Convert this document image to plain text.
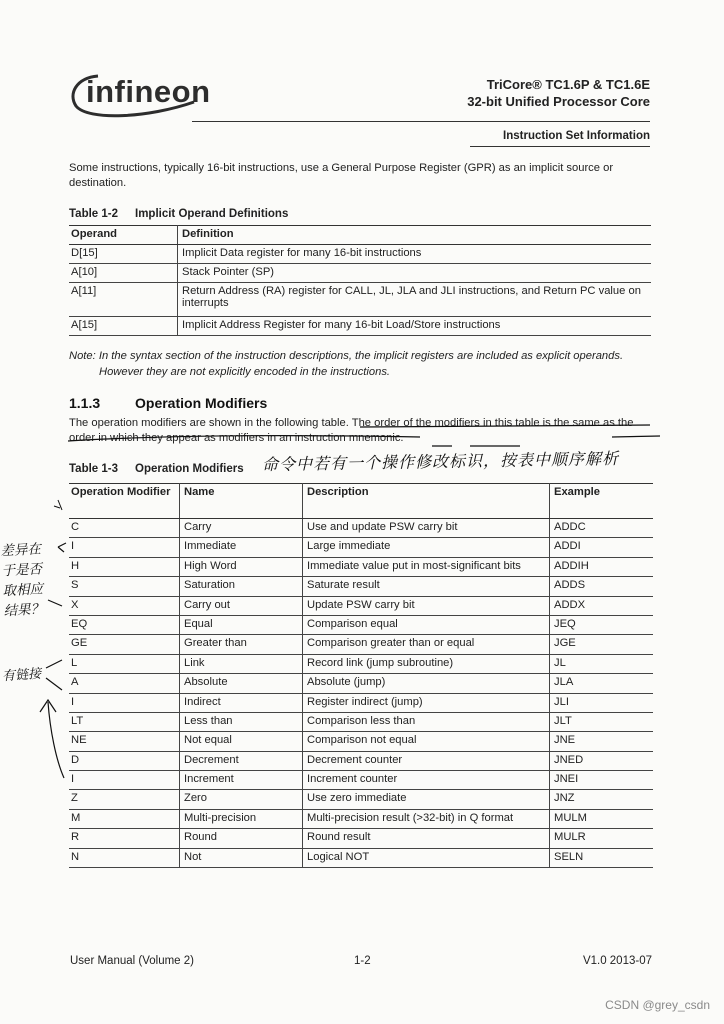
infineon	TriCore® TC1.6P & TC1.6E
32-bit Unified Processor Core
Instruction Set Information
Some instructions, typically 16-bit instructions, use a General Purpose Register (GPR) as an implicit source or destination.
Table 1-2 Implicit Operand Definitions
Operand	Definition
D[15]	Implicit Data register for many 16-bit instructions
A[10]	Stack Pointer (SP)
A[11]	Return Address (RA) register for CALL, JL, JLA and JLI instructions, and Return PC value on interrupts
A[15]	Implicit Address Register for many 16-bit Load/Store instructions
Note: In the syntax section of the instruction descriptions, the implicit registers are included as explicit operands.
However they are not explicitly encoded in the instructions.
1.1.3 Operation Modifiers
The operation modifiers are shown in the following table. The order of the modifiers in this table is the same as the order in which they appear as modifiers in an instruction mnemonic.
Table 1-3 Operation Modifiers
Operation Modifier	Name	Description	Example
C	Carry	Use and update PSW carry bit	ADDC
I	Immediate	Large immediate	ADDI
H	High Word	Immediate value put in most-significant bits	ADDIH
S	Saturation	Saturate result	ADDS
X	Carry out	Update PSW carry bit	ADDX
EQ	Equal	Comparison equal	JEQ
GE	Greater than	Comparison greater than or equal	JGE
L	Link	Record link (jump subroutine)	JL
A	Absolute	Absolute (jump)	JLA
I	Indirect	Register indirect (jump)	JLI
LT	Less than	Comparison less than	JLT
NE	Not equal	Comparison not equal	JNE
D	Decrement	Decrement counter	JNED
I	Increment	Increment counter	JNEI
Z	Zero	Use zero immediate	JNZ
M	Multi-precision	Multi-precision result (>32-bit) in Q format	MULM
R	Round	Round result	MULR
N	Not	Logical NOT	SELN
命令中若有一个操作修改标识，按表中顺序解析
差异在于是否取相应结果？
有链接
User Manual (Volume 2)	1-2	V1.0 2013-07
CSDN @grey_csdn
